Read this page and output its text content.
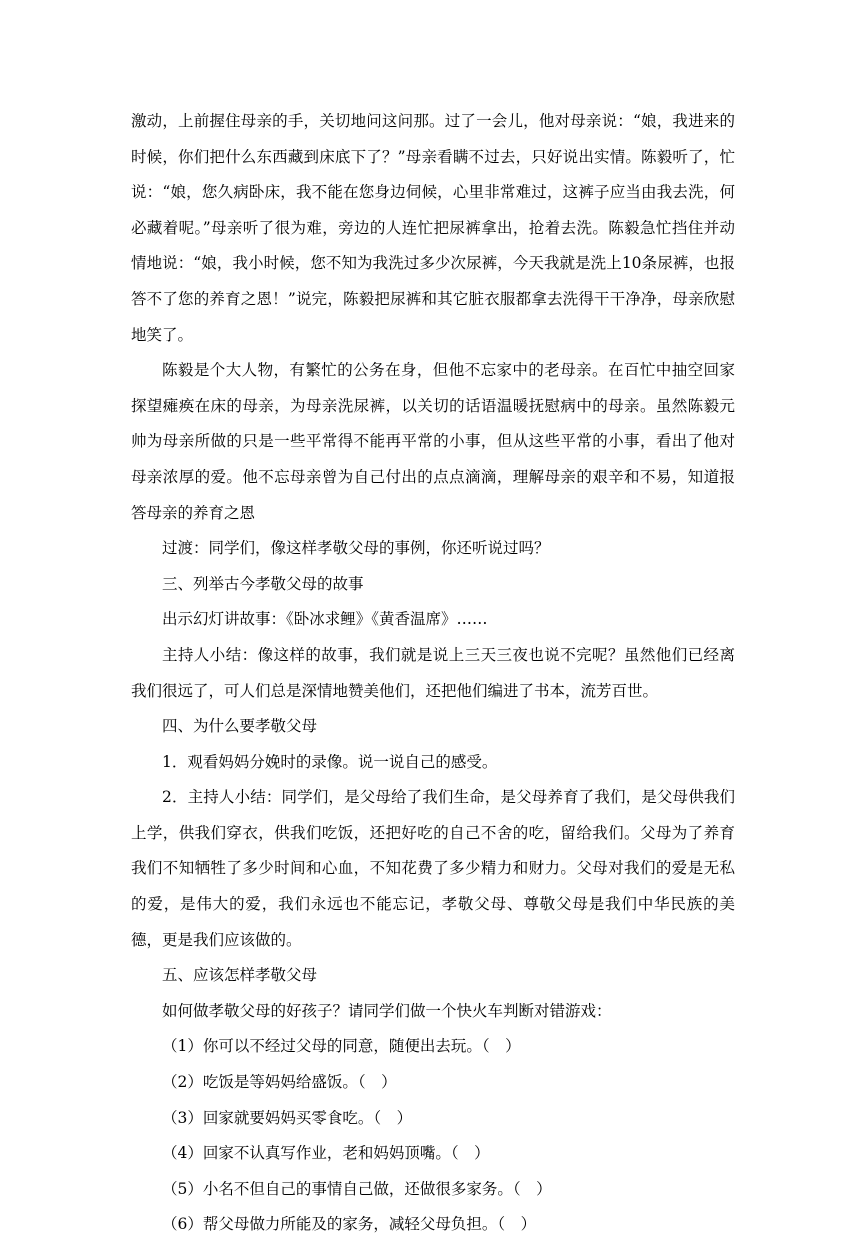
激动，上前握住母亲的手，关切地问这问那。过了一会儿，他对母亲说：“娘，我进来的时候，你们把什么东西藏到床底下了？”母亲看瞒不过去，只好说出实情。陈毅听了，忙说：“娘，您久病卧床，我不能在您身边伺候，心里非常难过，这裤子应当由我去洗，何必藏着呢。”母亲听了很为难，旁边的人连忙把尿裤拿出，抢着去洗。陈毅急忙挡住并动情地说：“娘，我小时候，您不知为我洗过多少次尿裤，今天我就是洗上10条尿裤，也报答不了您的养育之恩！”说完，陈毅把尿裤和其它脏衣服都拿去洗得干干净净，母亲欣慰地笑了。

陈毅是个大人物，有繁忙的公务在身，但他不忘家中的老母亲。在百忙中抽空回家探望瘫痪在床的母亲，为母亲洗尿裤，以关切的话语温暖抚慰病中的母亲。虽然陈毅元帅为母亲所做的只是一些平常得不能再平常的小事，但从这些平常的小事，看出了他对母亲浓厚的爱。他不忘母亲曾为自己付出的点点滴滴，理解母亲的艰辛和不易，知道报答母亲的养育之恩

过渡：同学们，像这样孝敬父母的事例，你还听说过吗？

三、列举古今孝敬父母的故事

出示幻灯讲故事：《卧冰求鲤》《黄香温席》……

主持人小结：像这样的故事，我们就是说上三天三夜也说不完呢？虽然他们已经离我们很远了，可人们总是深情地赞美他们，还把他们编进了书本，流芳百世。

四、为什么要孝敬父母

1．观看妈妈分娩时的录像。说一说自己的感受。

2．主持人小结：同学们，是父母给了我们生命，是父母养育了我们，是父母供我们上学，供我们穿衣，供我们吃饭，还把好吃的自己不舍的吃，留给我们。父母为了养育我们不知牺牲了多少时间和心血，不知花费了多少精力和财力。父母对我们的爱是无私的爱，是伟大的爱，我们永远也不能忘记，孝敬父母、尊敬父母是我们中华民族的美德，更是我们应该做的。

五、应该怎样孝敬父母

如何做孝敬父母的好孩子？请同学们做一个快火车判断对错游戏：

（1）你可以不经过父母的同意，随便出去玩。（　）

（2）吃饭是等妈妈给盛饭。（　）

（3）回家就要妈妈买零食吃。（　）

（4）回家不认真写作业，老和妈妈顶嘴。（　）

（5）小名不但自己的事情自己做，还做很多家务。（　）

（6）帮父母做力所能及的家务，减轻父母负担。（　）
